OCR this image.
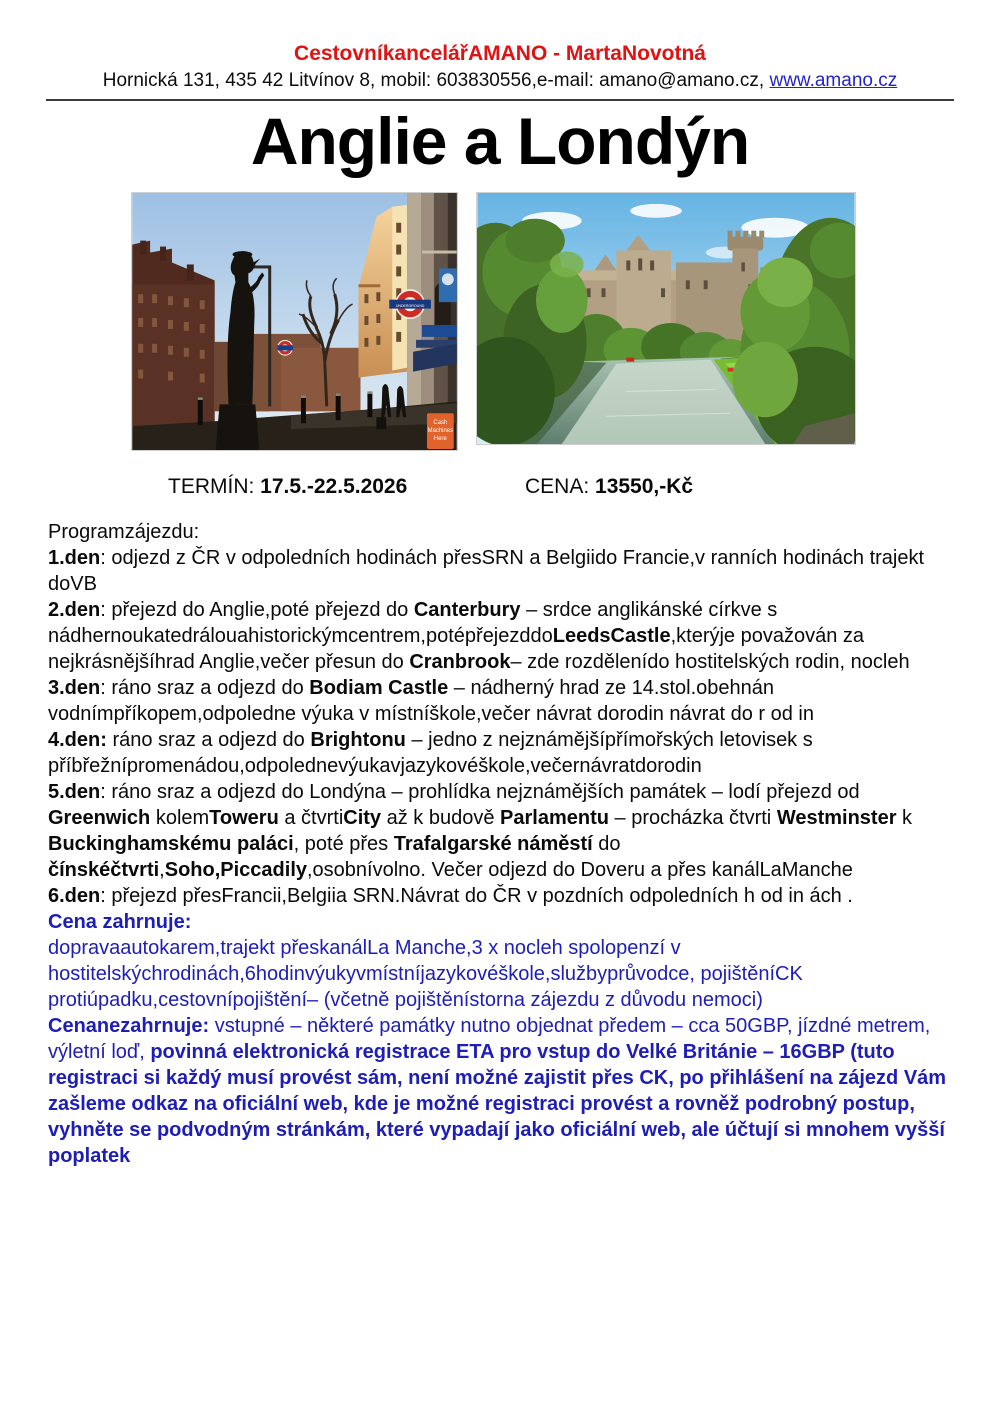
CestovníkancelářAMANO - MartaNovotná
Hornická 131, 435 42 Litvínov 8, mobil: 603830556,e-mail: amano@amano.cz, www.amano.cz
Anglie a Londýn
UNDERGROUND
Cash
Machines
Here
TERMÍN: 17.5.-22.5.2026	CENA: 13550,-Kč
Programzájezdu:
1.den: odjezd z ČR v odpoledních hodinách přesSRN a Belgiido Francie,v ranních hodinách trajekt doVB
2.den: přejezd do Anglie,poté přejezd do Canterbury – srdce anglikánské církve s nádhernoukatedrálouahistorickýmcentrem,potépřejezddoLeedsCastle,kterýje považován za nejkrásnějšíhrad Anglie,večer přesun do Cranbrook– zde rozdělenído hostitelských rodin, nocleh
3.den: ráno sraz a odjezd do Bodiam Castle – nádherný hrad ze 14.stol.obehnán vodnímpříkopem,odpoledne výuka v místníškole,večer návrat dorodin návrat do r od in
4.den: ráno sraz a odjezd do Brightonu – jedno z nejznámějšípřímořských letovisek s příbřežnípromenádou,odpolednevýukavjazykovéškole,večernávratdorodin
5.den: ráno sraz a odjezd do Londýna – prohlídka nejznámějších památek – lodí přejezd od Greenwich kolemToweru a čtvrtiCity až k budově Parlamentu – procházka čtvrti Westminster k Buckinghamskému paláci, poté přes Trafalgarské náměstí do čínskéčtvrti,Soho,Piccadily,osobnívolno. Večer odjezd do Doveru a přes kanálLaManche
6.den: přejezd přesFrancii,Belgiia SRN.Návrat do ČR v pozdních odpoledních h od in ách .
Cena zahrnuje:
dopravaautokarem,trajekt přeskanálLa Manche,3 x nocleh spolopenzí v hostitelskýchrodinách,6hodinvýukyvmístníjazykovéškole,službyprůvodce, pojištěníCK protiúpadku,cestovnípojištění– (včetně pojištěnístorna zájezdu z důvodu nemoci)
Cenanezahrnuje: vstupné – některé památky nutno objednat předem – cca 50GBP, jízdné metrem, výletní loď, povinná elektronická registrace ETA pro vstup do Velké Británie – 16GBP (tuto registraci si každý musí provést sám, není možné zajistit přes CK, po přihlášení na zájezd Vám zašleme odkaz na oficiální web, kde je možné registraci provést a rovněž podrobný postup, vyhněte se podvodným stránkám, které vypadají jako oficiální web, ale účtují si mnohem vyšší poplatek
